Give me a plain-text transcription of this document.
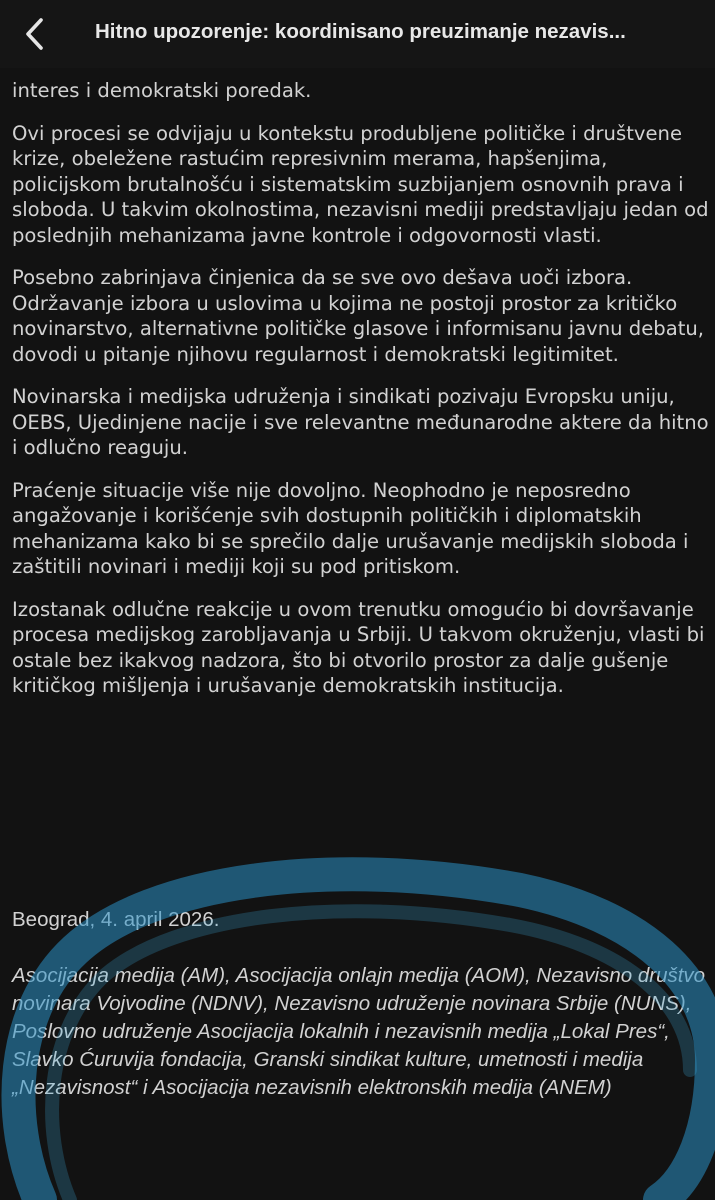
Hitno upozorenje: koordinisano preuzimanje nezavis...

interes i demokratski poredak.

Ovi procesi se odvijaju u kontekstu produbljene političke i društvene krize, obeležene rastućim represivnim merama, hapšenjima, policijskom brutalnošću i sistematskim suzbijanjem osnovnih prava i sloboda. U takvim okolnostima, nezavisni mediji predstavljaju jedan od poslednjih mehanizama javne kontrole i odgovornosti vlasti.

Posebno zabrinjava činjenica da se sve ovo dešava uoči izbora. Održavanje izbora u uslovima u kojima ne postoji prostor za kritičko novinarstvo, alternativne političke glasove i informisanu javnu debatu, dovodi u pitanje njihovu regularnost i demokratski legitimitet.

Novinarska i medijska udruženja i sindikati pozivaju Evropsku uniju, OEBS, Ujedinjene nacije i sve relevantne međunarodne aktere da hitno i odlučno reaguju.

Praćenje situacije više nije dovoljno. Neophodno je neposredno angažovanje i korišćenje svih dostupnih političkih i diplomatskih mehanizama kako bi se sprečilo dalje urušavanje medijskih sloboda i zaštitili novinari i mediji koji su pod pritiskom.

Izostanak odlučne reakcije u ovom trenutku omogućio bi dovršavanje procesa medijskog zarobljavanja u Srbiji. U takvom okruženju, vlasti bi ostale bez ikakvog nadzora, što bi otvorilo prostor za dalje gušenje kritičkog mišljenja i urušavanje demokratskih institucija.

Beograd, 4. april 2026.

Asocijacija medija (AM), Asocijacija onlajn medija (AOM), Nezavisno društvo novinara Vojvodine (NDNV), Nezavisno udruženje novinara Srbije (NUNS), Poslovno udruženje Asocijacija lokalnih i nezavisnih medija „Lokal Pres“, Slavko Ćuruvija fondacija, Granski sindikat kulture, umetnosti i medija „Nezavisnost“ i Asocijacija nezavisnih elektronskih medija (ANEM)
